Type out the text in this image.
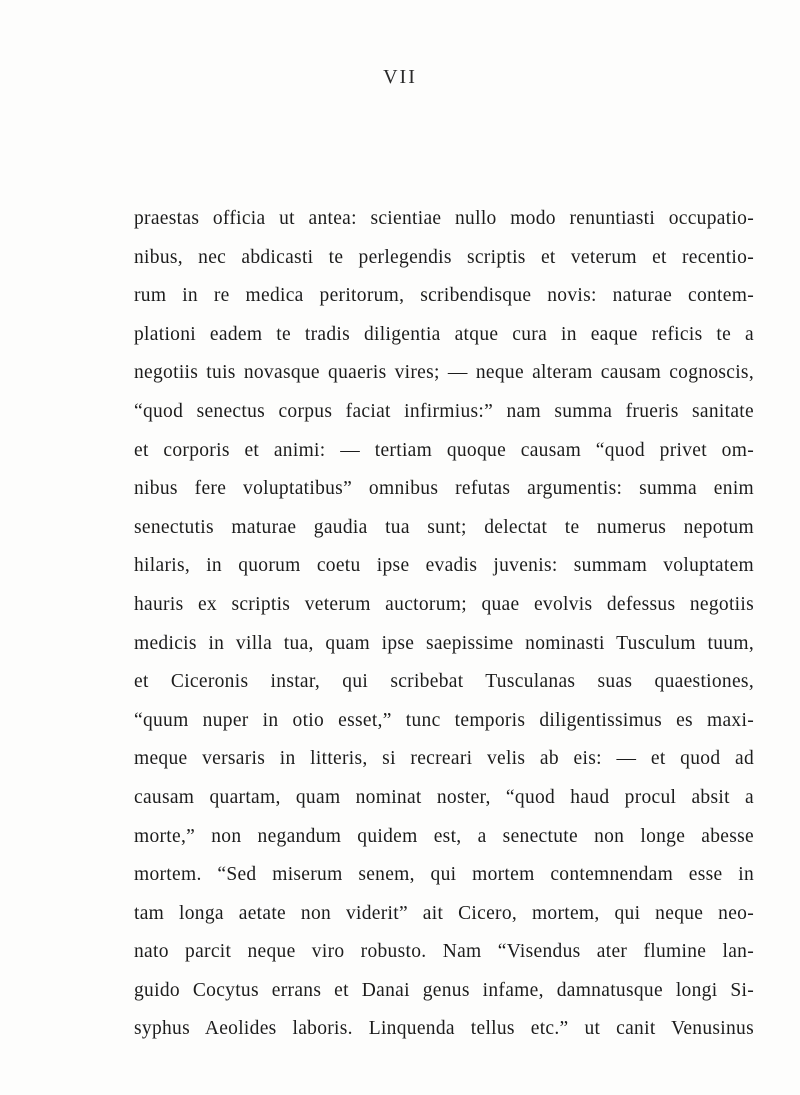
VII
praestas officia ut antea: scientiae nullo modo renuntiasti occupatio-
nibus, nec abdicasti te perlegendis scriptis et veterum et recentio-
rum in re medica peritorum, scribendisque novis: naturae contem-
plationi eadem te tradis diligentia atque cura in eaque reficis te a
negotiis tuis novasque quaeris vires; — neque alteram causam cognoscis,
“quod senectus corpus faciat infirmius:” nam summa frueris sanitate
et corporis et animi: — tertiam quoque causam “quod privet om-
nibus fere voluptatibus” omnibus refutas argumentis: summa enim
senectutis maturae gaudia tua sunt; delectat te numerus nepotum
hilaris, in quorum coetu ipse evadis juvenis: summam voluptatem
hauris ex scriptis veterum auctorum; quae evolvis defessus negotiis
medicis in villa tua, quam ipse saepissime nominasti Tusculum tuum,
et Ciceronis instar, qui scribebat Tusculanas suas quaestiones,
“quum nuper in otio esset,” tunc temporis diligentissimus es maxi-
meque versaris in litteris, si recreari velis ab eis: — et quod ad
causam quartam, quam nominat noster, “quod haud procul absit a
morte,” non negandum quidem est, a senectute non longe abesse
mortem. “Sed miserum senem, qui mortem contemnendam esse in
tam longa aetate non viderit” ait Cicero, mortem, qui neque neo-
nato parcit neque viro robusto. Nam “Visendus ater flumine lan-
guido Cocytus errans et Danai genus infame, damnatusque longi Si-
syphus Aeolides laboris. Linquenda tellus etc.” ut canit Venusinus
